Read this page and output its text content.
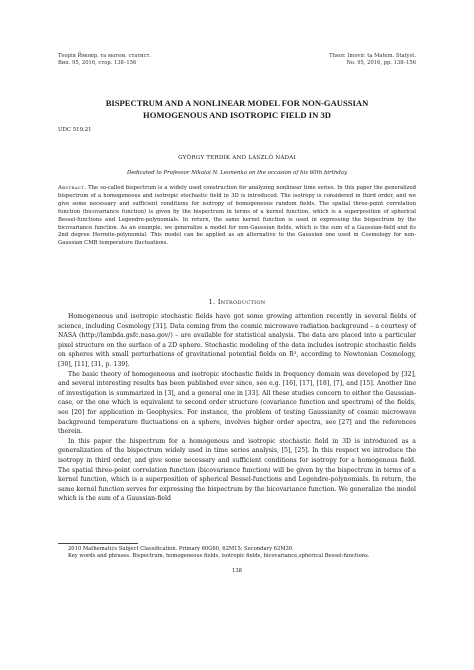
Теорія Ймовір. та матем. статист.
Вип. 95, 2016, стор. 138–156
Theor. Imovir. ta Matem. Statyst.
No. 95, 2016, pp. 138–156
BISPECTRUM AND A NONLINEAR MODEL FOR NON-GAUSSIAN
HOMOGENOUS AND ISOTROPIC FIELD IN 3D
UDC 519.21
GYÖRGY TERDIK AND LÁSZLÓ NÁDAI
Dedicated to Professor Nikolai N. Leonenko on the occasion of his 60th birthday
Abstract. The so-called bispectrum is a widely used construction for analyzing nonlinear time series. In this paper the generalized bispectrum of a homogeneous and isotropic stochastic field in 3D is introduced. The isotropy is considered in third order, and we give some necessary and sufficient conditions for isotropy of homogeneous random fields. The spatial three-point correlation function (bicovariance function) is given by the bispectrum in terms of a kernel function, which is a superposition of spherical Bessel-functions and Legendre-polynomials. In return, the same kernel function is used in expressing the bispectrum by the bicovariance function. As an example, we generalize a model for non-Gaussian fields, which is the sum of a Gaussian-field and its 2nd degree Hermite-polynomial. This model can be applied as an alternative to the Gaussian one used in Cosmology for non-Gaussian CMB temperature fluctuations.
1. Introduction

Homogeneous and isotropic stochastic fields have got some growing attention recently in several fields of science, including Cosmology [31]. Data coming from the cosmic microwave radiation background – a courtesy of NASA (http://lambda.gsfc.nasa.gov/) – are available for statistical analysis. The data are placed into a particular pixel structure on the surface of a 2D sphere. Stochastic modeling of the data includes isotropic stochastic fields on spheres with small perturbations of gravitational potential fields on R³, according to Newtonian Cosmology, [30], [11], [31, p. 139].

The basic theory of homogeneous and isotropic stochastic fields in frequency domain was developed by [32], and several interesting results has been published ever since, see e.g. [16], [17], [18], [7], and [15]. Another line of investigation is summarized in [3], and a general one in [33]. All these studies concern to either the Gaussian-case, or the one which is equivalent to second order structure (covariance function and spectrum) of the fields, see [20] for application in Geophysics. For instance, the problem of testing Gaussianity of cosmic microwave background temperature fluctuations on a sphere, involves higher order spectra, see [27] and the references therein.

In this paper the bispectrum for a homogenous and isotropic stochastic field in 3D is introduced as a generalization of the bispectrum widely used in time series analysis, [5], [25]. In this respect we introduce the isotropy in third order, and give some necessary and sufficient conditions for isotropy for a homogenous field. The spatial three-point correlation function (bicovariance function) will be given by the bispectrum in terms of a kernel function, which is a superposition of spherical Bessel-functions and Legendre-polynomials. In return, the same kernel function serves for expressing the bispectrum by the bicovariance function. We generalize the model which is the sum of a Gaussian-field

2010 Mathematics Subject Classification. Primary 60G60, 62M15; Secondary 62M30.

Key words and phrases. Bispectrum, homogeneous fields, isotropic fields, bicovariance,spherical Bessel-functions.

138
